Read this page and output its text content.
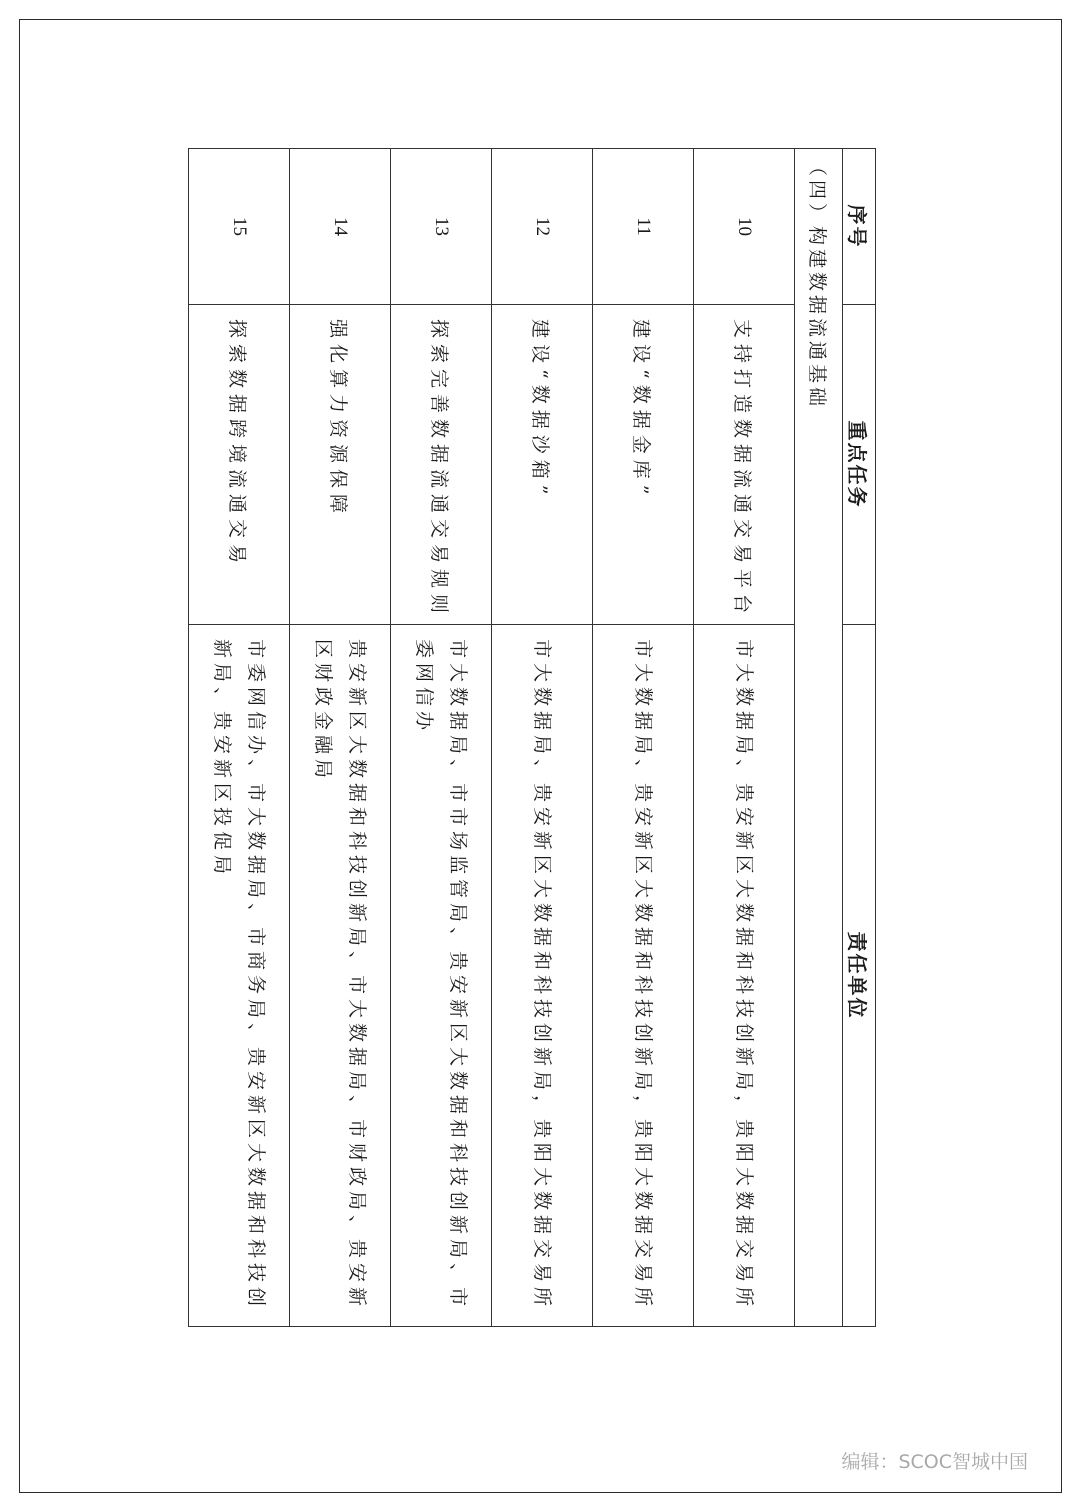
序号	重点任务	责任单位
（四）构建数据流通基础		
10	支持打造数据流通交易平台	市大数据局、贵安新区大数据和科技创新局，贵阳大数据交易所
11	建设“数据金库”	市大数据局、贵安新区大数据和科技创新局，贵阳大数据交易所
12	建设“数据沙箱”	市大数据局、贵安新区大数据和科技创新局，贵阳大数据交易所
13	探索完善数据流通交易规则	市大数据局、市市场监管局、贵安新区大数据和科技创新局、市委网信办
14	强化算力资源保障	贵安新区大数据和科技创新局、市大数据局、市财政局、贵安新区财政金融局
15	探索数据跨境流通交易	市委网信办、市大数据局、市商务局、贵安新区大数据和科技创新局、贵安新区投促局
编辑：SCOC智城中国
